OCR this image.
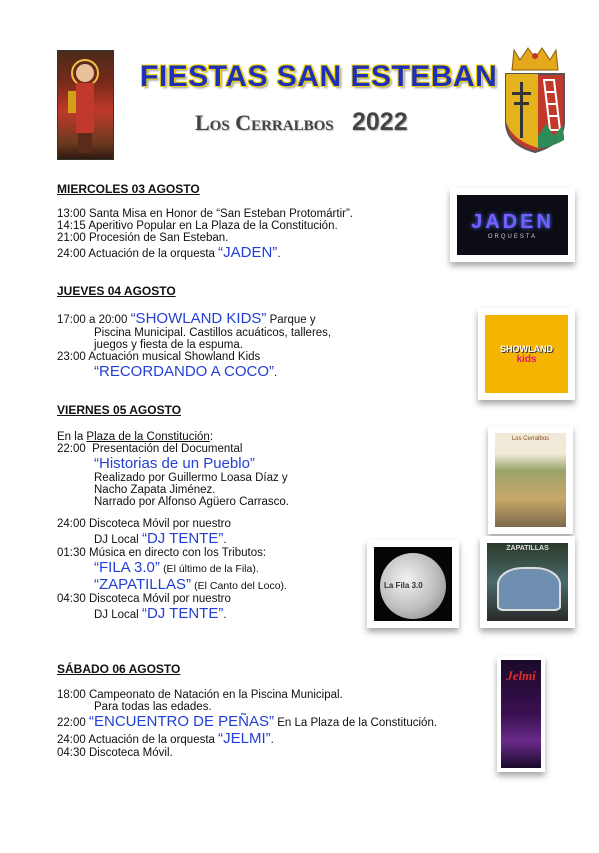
FIESTAS SAN ESTEBAN
Los Cerralbos 2022
MIERCOLES 03 AGOSTO
13:00 Santa Misa en Honor de “San Esteban Protomártir”.
14:15 Aperitivo Popular en La Plaza de la Constitución.
21:00 Procesión de San Esteban.
24:00 Actuación de la orquesta “JADEN”.
JADEN
ORQUESTA
JUEVES 04 AGOSTO
17:00 a 20:00 “SHOWLAND KIDS” Parque y
Piscina Municipal. Castillos acuáticos, talleres,
juegos y fiesta de la espuma.
23:00 Actuación musical Showland Kids
“RECORDANDO A COCO”.
SHOWLAND
kids
VIERNES 05 AGOSTO
En la Plaza de la Constitución:
22:00 Presentación del Documental
“Historias de un Pueblo”
Realizado por Guillermo Loasa Díaz y
Nacho Zapata Jiménez.
Narrado por Alfonso Agüero Carrasco.
24:00 Discoteca Móvil por nuestro
DJ Local “DJ TENTE”.
01:30 Música en directo con los Tributos:
“FILA 3.0” (El último de la Fila).
“ZAPATILLAS” (El Canto del Loco).
04:30 Discoteca Móvil por nuestro
DJ Local “DJ TENTE”.
Los Cerralbos
La Fila 3.0
ZAPATILLAS
SÁBADO 06 AGOSTO
18:00 Campeonato de Natación en la Piscina Municipal.
Para todas las edades.
22:00 “ENCUENTRO DE PEÑAS” En La Plaza de la Constitución.
24:00 Actuación de la orquesta “JELMI”.
04:30 Discoteca Móvil.
Jelmi
